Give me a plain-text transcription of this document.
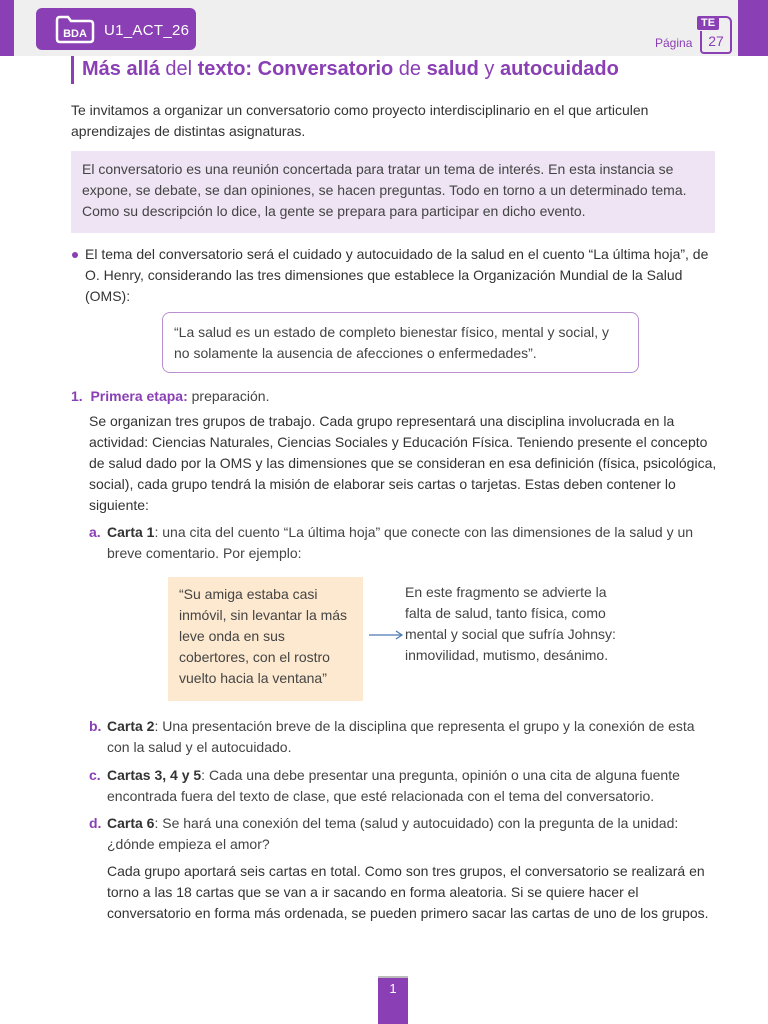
BDA U1_ACT_26
Página
TE
27
Más allá del texto: Conversatorio de salud y autocuidado
Te invitamos a organizar un conversatorio como proyecto interdisciplinario en el que articulen aprendizajes de distintas asignaturas.
El conversatorio es una reunión concertada para tratar un tema de interés. En esta instancia se expone, se debate, se dan opiniones, se hacen preguntas. Todo en torno a un determinado tema. Como su descripción lo dice, la gente se prepara para participar en dicho evento.
El tema del conversatorio será el cuidado y autocuidado de la salud en el cuento “La última hoja”, de O. Henry, considerando las tres dimensiones que establece la Organización Mundial de la Salud (OMS):
“La salud es un estado de completo bienestar físico, mental y social, y no solamente la ausencia de afecciones o enfermedades”.
1. Primera etapa: preparación.
Se organizan tres grupos de trabajo. Cada grupo representará una disciplina involucrada en la actividad: Ciencias Naturales, Ciencias Sociales y Educación Física. Teniendo presente el concepto de salud dado por la OMS y las dimensiones que se consideran en esa definición (física, psicológica, social), cada grupo tendrá la misión de elaborar seis cartas o tarjetas. Estas deben contener lo siguiente:
a. Carta 1: una cita del cuento “La última hoja” que conecte con las dimensiones de la salud y un breve comentario. Por ejemplo:
“Su amiga estaba casi inmóvil, sin levantar la más leve onda en sus cobertores, con el rostro vuelto hacia la ventana”
En este fragmento se advierte la falta de salud, tanto física, como mental y social que sufría Johnsy: inmovilidad, mutismo, desánimo.
b. Carta 2: Una presentación breve de la disciplina que representa el grupo y la conexión de esta con la salud y el autocuidado.
c. Cartas 3, 4 y 5: Cada una debe presentar una pregunta, opinión o una cita de alguna fuente encontrada fuera del texto de clase, que esté relacionada con el tema del conversatorio.
d. Carta 6: Se hará una conexión del tema (salud y autocuidado) con la pregunta de la unidad: ¿dónde empieza el amor?
Cada grupo aportará seis cartas en total. Como son tres grupos, el conversatorio se realizará en torno a las 18 cartas que se van a ir sacando en forma aleatoria. Si se quiere hacer el conversatorio en forma más ordenada, se pueden primero sacar las cartas de uno de los grupos.
1
